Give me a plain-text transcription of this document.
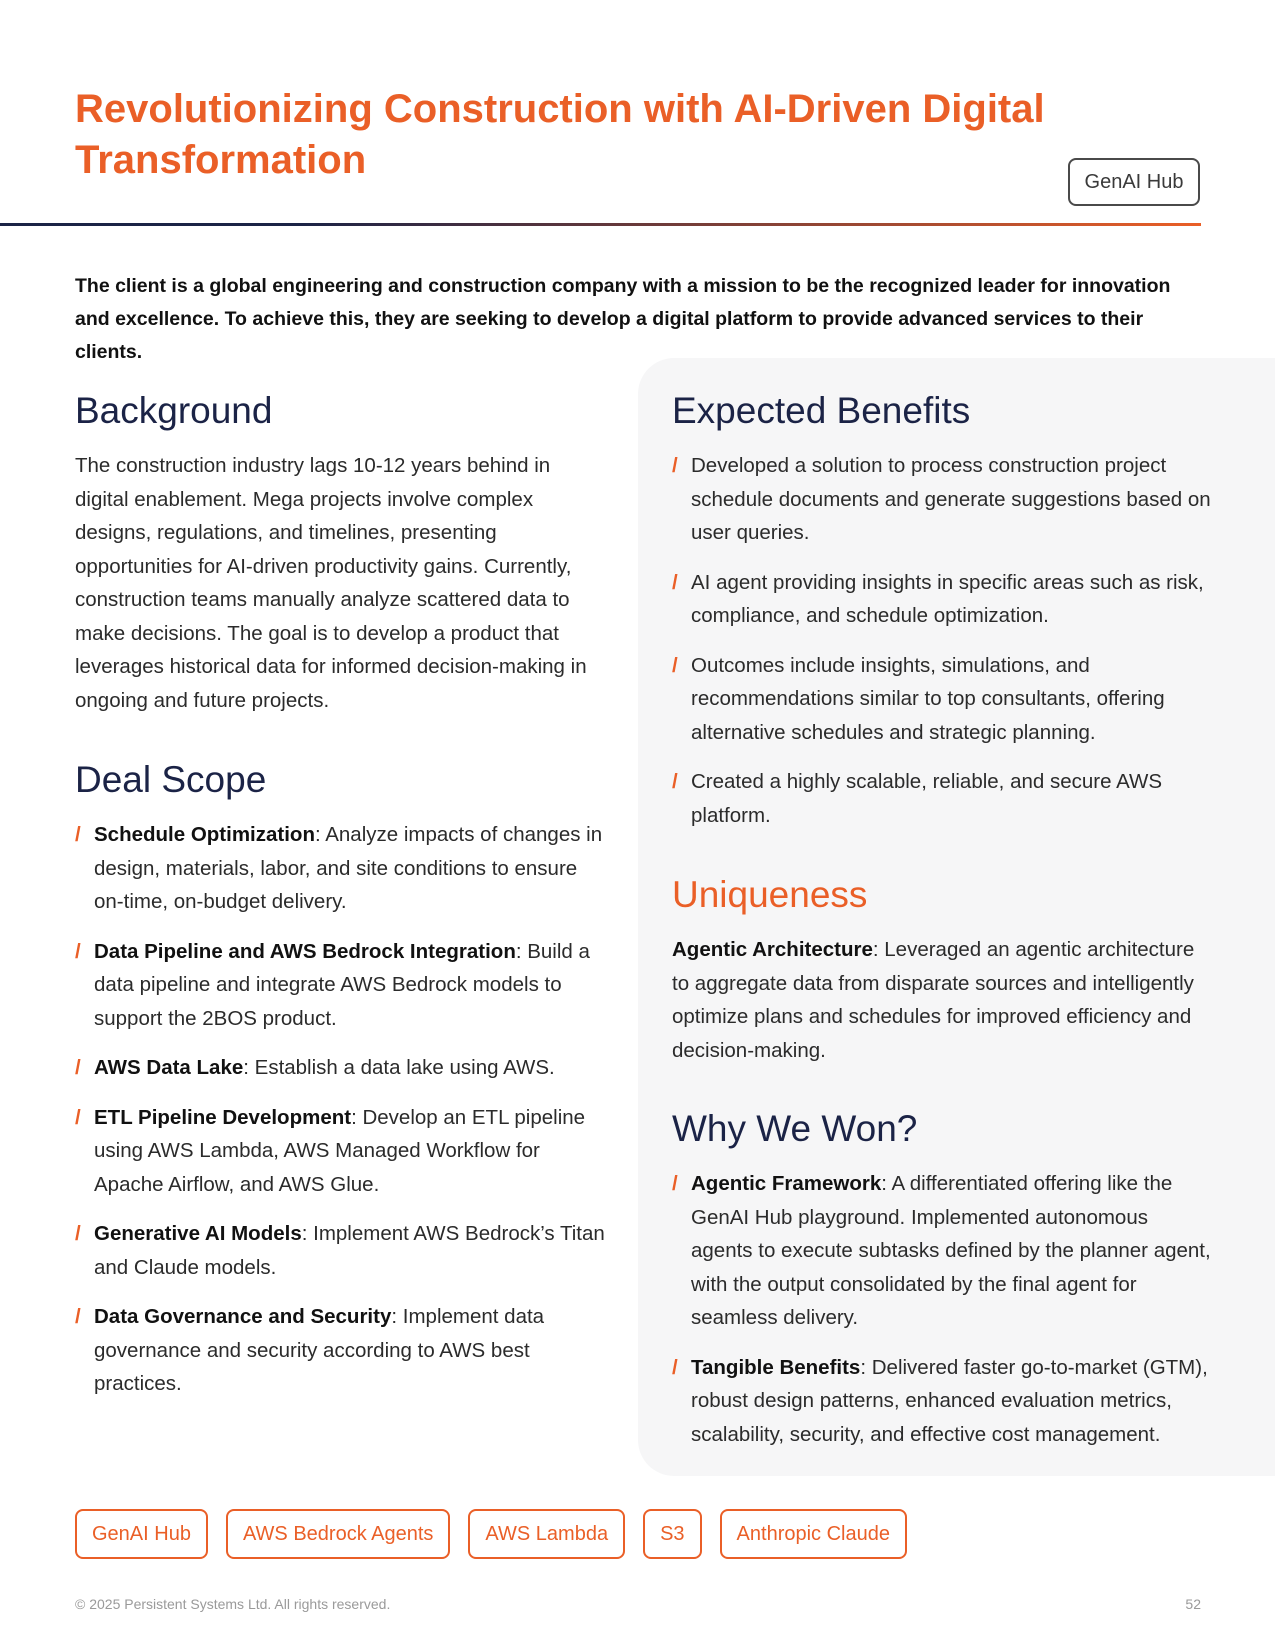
Revolutionizing Construction with AI-Driven Digital Transformation	GenAI Hub

The client is a global engineering and construction company with a mission to be the recognized leader for innovation and excellence. To achieve this, they are seeking to develop a digital platform to provide advanced services to their clients.

Background

The construction industry lags 10-12 years behind in digital enablement. Mega projects involve complex designs, regulations, and timelines, presenting opportunities for AI-driven productivity gains. Currently, construction teams manually analyze scattered data to make decisions. The goal is to develop a product that leverages historical data for informed decision-making in ongoing and future projects.

Deal Scope
/ Schedule Optimization: Analyze impacts of changes in design, materials, labor, and site conditions to ensure on-time, on-budget delivery.
/ Data Pipeline and AWS Bedrock Integration: Build a data pipeline and integrate AWS Bedrock models to support the 2BOS product.
/ AWS Data Lake: Establish a data lake using AWS.
/ ETL Pipeline Development: Develop an ETL pipeline using AWS Lambda, AWS Managed Workflow for Apache Airflow, and AWS Glue.
/ Generative AI Models: Implement AWS Bedrock’s Titan and Claude models.
/ Data Governance and Security: Implement data governance and security according to AWS best practices.
Expected Benefits
/ Developed a solution to process construction project schedule documents and generate suggestions based on user queries.
/ AI agent providing insights in specific areas such as risk, compliance, and schedule optimization.
/ Outcomes include insights, simulations, and recommendations similar to top consultants, offering alternative schedules and strategic planning.
/ Created a highly scalable, reliable, and secure AWS platform.
Uniqueness

Agentic Architecture: Leveraged an agentic architecture to aggregate data from disparate sources and intelligently optimize plans and schedules for improved efficiency and decision-making.

Why We Won?
/ Agentic Framework: A differentiated offering like the GenAI Hub playground. Implemented autonomous agents to execute subtasks defined by the planner agent, with the output consolidated by the final agent for seamless delivery.
/ Tangible Benefits: Delivered faster go-to-market (GTM), robust design patterns, enhanced evaluation metrics, scalability, security, and effective cost management.
GenAI Hub	AWS Bedrock Agents	AWS Lambda	S3	Anthropic Claude
© 2025 Persistent Systems Ltd. All rights reserved.	52
